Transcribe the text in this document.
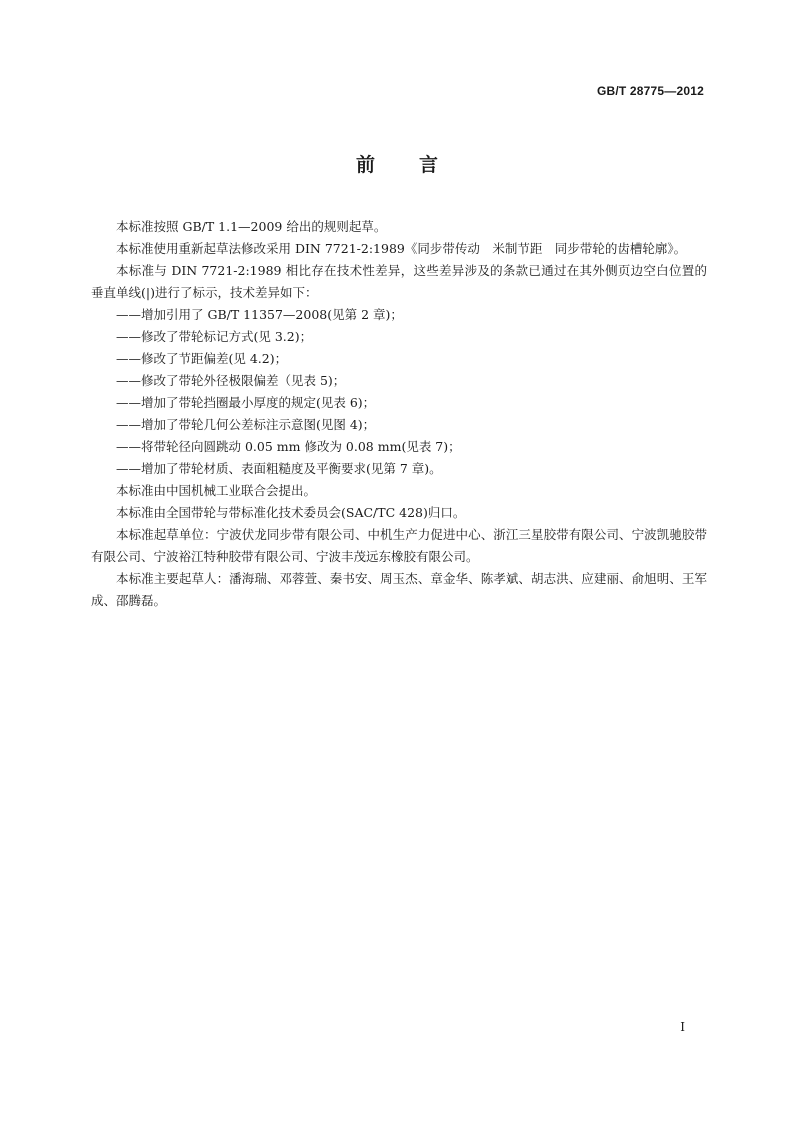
GB/T 28775—2012
前言

本标准按照 GB/T 1.1—2009 给出的规则起草。

本标准使用重新起草法修改采用 DIN 7721-2:1989《同步带传动　米制节距　同步带轮的齿槽轮廓》。

本标准与 DIN 7721-2:1989 相比存在技术性差异，这些差异涉及的条款已通过在其外侧页边空白位置的垂直单线(|)进行了标示，技术差异如下：

——增加引用了 GB/T 11357—2008(见第 2 章)；

——修改了带轮标记方式(见 3.2)；

——修改了节距偏差(见 4.2)；

——修改了带轮外径极限偏差（见表 5)；

——增加了带轮挡圈最小厚度的规定(见表 6)；

——增加了带轮几何公差标注示意图(见图 4)；

——将带轮径向圆跳动 0.05 mm 修改为 0.08 mm(见表 7)；

——增加了带轮材质、表面粗糙度及平衡要求(见第 7 章)。

本标准由中国机械工业联合会提出。

本标准由全国带轮与带标准化技术委员会(SAC/TC 428)归口。

本标准起草单位：宁波伏龙同步带有限公司、中机生产力促进中心、浙江三星胶带有限公司、宁波凯驰胶带有限公司、宁波裕江特种胶带有限公司、宁波丰茂远东橡胶有限公司。

本标准主要起草人：潘海瑞、邓蓉萱、秦书安、周玉杰、章金华、陈孝斌、胡志洪、应建丽、俞旭明、王军成、邵腾磊。

I
